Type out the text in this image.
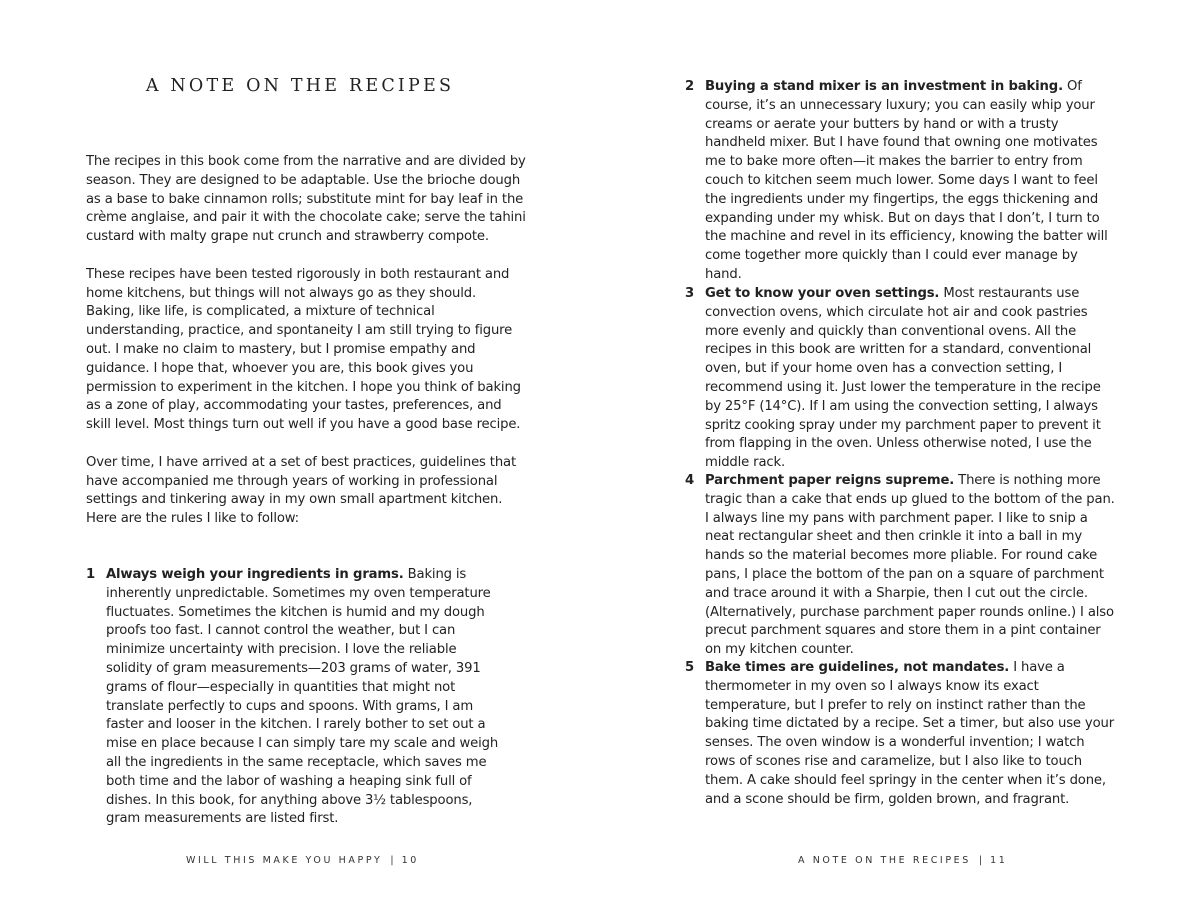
A NOTE ON THE RECIPES

The recipes in this book come from the narrative and are divided by season. They are designed to be adaptable. Use the brioche dough as a base to bake cinnamon rolls; substitute mint for bay leaf in the crème anglaise, and pair it with the chocolate cake; serve the tahini custard with malty grape nut crunch and strawberry compote.

These recipes have been tested rigorously in both restaurant and home kitchens, but things will not always go as they should. Baking, like life, is complicated, a mixture of technical understanding, practice, and spontaneity I am still trying to figure out. I make no claim to mastery, but I promise empathy and guidance. I hope that, whoever you are, this book gives you permission to experiment in the kitchen. I hope you think of baking as a zone of play, accommodating your tastes, preferences, and skill level. Most things turn out well if you have a good base recipe.

Over time, I have arrived at a set of best practices, guidelines that have accompanied me through years of working in professional settings and tinkering away in my own small apartment kitchen. Here are the rules I like to follow:

1 Always weigh your ingredients in grams. Baking is inherently unpredictable. Sometimes my oven temperature fluctuates. Sometimes the kitchen is humid and my dough proofs too fast. I cannot control the weather, but I can minimize uncertainty with precision. I love the reliable solidity of gram measurements—203 grams of water, 391 grams of flour—especially in quantities that might not translate perfectly to cups and spoons. With grams, I am faster and looser in the kitchen. I rarely bother to set out a mise en place because I can simply tare my scale and weigh all the ingredients in the same receptacle, which saves me both time and the labor of washing a heaping sink full of dishes. In this book, for anything above 3½ tablespoons, gram measurements are listed first.

WILL THIS MAKE YOU HAPPY | 10
2 Buying a stand mixer is an investment in baking. Of course, it’s an unnecessary luxury; you can easily whip your creams or aerate your butters by hand or with a trusty handheld mixer. But I have found that owning one motivates me to bake more often—it makes the barrier to entry from couch to kitchen seem much lower. Some days I want to feel the ingredients under my fingertips, the eggs thickening and expanding under my whisk. But on days that I don’t, I turn to the machine and revel in its efficiency, knowing the batter will come together more quickly than I could ever manage by hand.

3 Get to know your oven settings. Most restaurants use convection ovens, which circulate hot air and cook pastries more evenly and quickly than conventional ovens. All the recipes in this book are written for a standard, conventional oven, but if your home oven has a convection setting, I recommend using it. Just lower the temperature in the recipe by 25°F (14°C). If I am using the convection setting, I always spritz cooking spray under my parchment paper to prevent it from flapping in the oven. Unless otherwise noted, I use the middle rack.

4 Parchment paper reigns supreme. There is nothing more tragic than a cake that ends up glued to the bottom of the pan. I always line my pans with parchment paper. I like to snip a neat rectangular sheet and then crinkle it into a ball in my hands so the material becomes more pliable. For round cake pans, I place the bottom of the pan on a square of parchment and trace around it with a Sharpie, then I cut out the circle. (Alternatively, purchase parchment paper rounds online.) I also precut parchment squares and store them in a pint container on my kitchen counter.

5 Bake times are guidelines, not mandates. I have a thermometer in my oven so I always know its exact temperature, but I prefer to rely on instinct rather than the baking time dictated by a recipe. Set a timer, but also use your senses. The oven window is a wonderful invention; I watch rows of scones rise and caramelize, but I also like to touch them. A cake should feel springy in the center when it’s done, and a scone should be firm, golden brown, and fragrant.

A NOTE ON THE RECIPES | 11
